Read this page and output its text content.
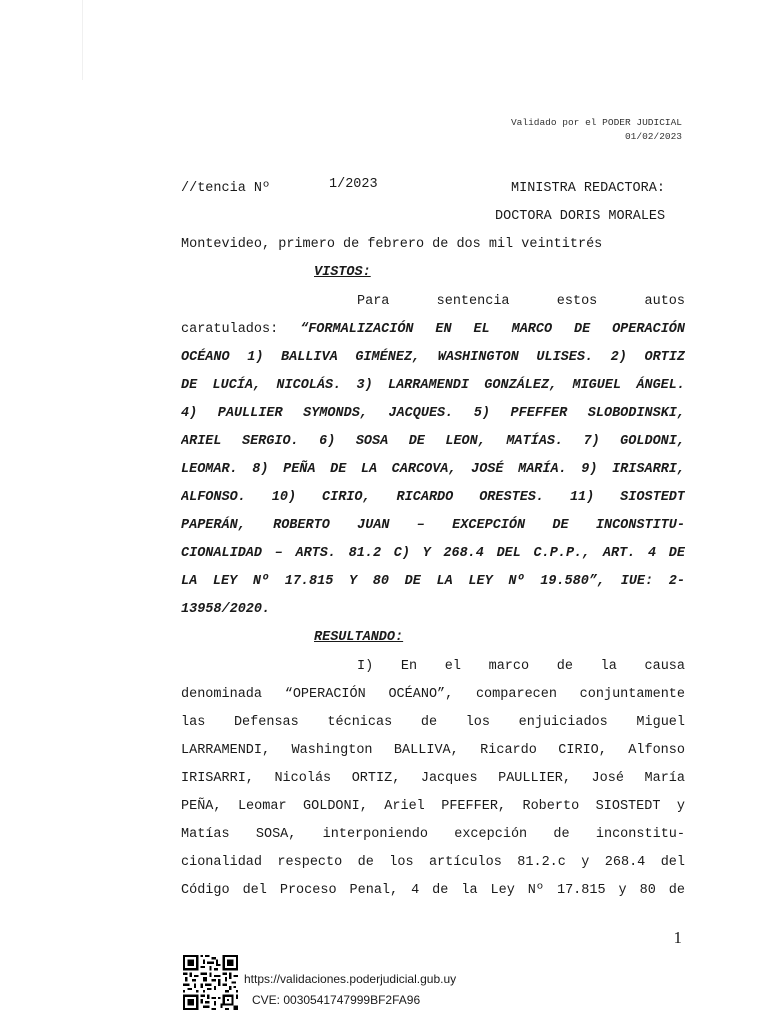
Validado por el PODER JUDICIAL
01/02/2023
//tencia Nº	1/2023	MINISTRA REDACTORA:
DOCTORA DORIS MORALES
Montevideo, primero de febrero de dos mil veintitrés
VISTOS:
Para sentencia estos autos
caratulados: “FORMALIZACIÓN EN EL MARCO DE OPERACIÓN
OCÉANO 1) BALLIVA GIMÉNEZ, WASHINGTON ULISES. 2) ORTIZ
DE LUCÍA, NICOLÁS. 3) LARRAMENDI GONZÁLEZ, MIGUEL ÁNGEL.
4) PAULLIER SYMONDS, JACQUES. 5) PFEFFER SLOBODINSKI,
ARIEL SERGIO. 6) SOSA DE LEON, MATÍAS. 7) GOLDONI,
LEOMAR. 8) PEÑA DE LA CARCOVA, JOSÉ MARÍA. 9) IRISARRI,
ALFONSO. 10) CIRIO, RICARDO ORESTES. 11) SIOSTEDT
PAPERÁN, ROBERTO JUAN – EXCEPCIÓN DE INCONSTITU-
CIONALIDAD – ARTS. 81.2 C) Y 268.4 DEL C.P.P., ART. 4 DE
LA LEY Nº 17.815 Y 80 DE LA LEY Nº 19.580”, IUE: 2-
13958/2020.
RESULTANDO:
I) En el marco de la causa
denominada “OPERACIÓN OCÉANO”, comparecen conjuntamente
las Defensas técnicas de los enjuiciados Miguel
LARRAMENDI, Washington BALLIVA, Ricardo CIRIO, Alfonso
IRISARRI, Nicolás ORTIZ, Jacques PAULLIER, José María
PEÑA, Leomar GOLDONI, Ariel PFEFFER, Roberto SIOSTEDT y
Matías SOSA, interponiendo excepción de inconstitu-
cionalidad respecto de los artículos 81.2.c y 268.4 del
Código del Proceso Penal, 4 de la Ley Nº 17.815 y 80 de
1
https://validaciones.poderjudicial.gub.uy
CVE: 0030541747999BF2FA96
